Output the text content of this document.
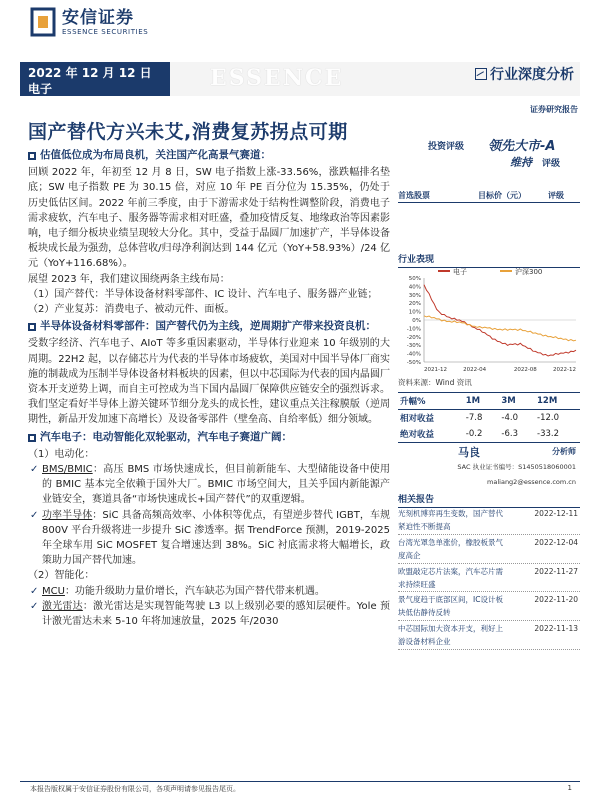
安信证券
ESSENCE SECURITIES
2022 年 12 月 12 日
电子	ESSENCE	行业深度分析
证券研究报告
国产替代方兴未艾,消费复苏拐点可期
估值低位成为布局良机，关注国产化高景气赛道：
回顾 2022 年，年初至 12 月 8 日，SW 电子指数上涨-33.56%，涨跌幅排名垫底；SW 电子指数 PE 为 30.15 倍，对应 10 年 PE 百分位为 15.35%，仍处于历史低估区间。2022 年前三季度，由于下游需求处于结构性调整阶段，消费电子需求疲软，汽车电子、服务器等需求相对旺盛，叠加疫情反复、地缘政治等因素影响，电子细分板块业绩呈现较大分化。其中，受益于晶圆厂加速扩产，半导体设备板块成长最为强劲，总体营收/归母净利润达到 144 亿元（YoY+58.93%）/24 亿元（YoY+116.68%）。
展望 2023 年，我们建议围绕两条主线布局：
（1）国产替代：半导体设备材料零部件、IC 设计、汽车电子、服务器产业链；
（2）产业复苏：消费电子、被动元件、面板。
半导体设备材料零部件：国产替代仍为主线，逆周期扩产带来投资良机：
受数字经济、汽车电子、AIoT 等多重因素驱动，半导体行业迎来 10 年级别的大周期。22H2 起，以存储芯片为代表的半导体市场疲软，美国对中国半导体厂商实施的制裁成为压制半导体设备材料板块的因素，但以中芯国际为代表的国内晶圆厂资本开支逆势上调，而自主可控成为当下国内晶圆厂保障供应链安全的强烈诉求。我们坚定看好半导体上游关键环节细分龙头的成长性，建议重点关注稼膜版（逆周期性，新品开发加速下高增长）及设备零部件（壁垒高、自给率低）细分领域。
汽车电子：电动智能化双轮驱动，汽车电子赛道广阔：
（1）电动化：
✓ BMS/BMIC：高压 BMS 市场快速成长，但目前新能车、大型储能设备中使用的 BMIC 基本完全依赖于国外大厂。BMIC 市场空间大，且关乎国内新能源产业链安全，赛道具备“市场快速成长+国产替代”的双重逻辑。
✓ 功率半导体：SiC 具备高频高效率、小体积等优点，有望逆步替代 IGBT，车规 800V 平台升级将进一步提升 SiC 渗透率。据 TrendForce 预测，2019-2025 年全球车用 SiC MOSFET 复合增速达到 38%。SiC 衬底需求将大幅增长，政策助力国产替代加速。
（2）智能化：
✓ MCU：功能升级助力量价增长，汽车缺芯为国产替代带来机遇。
✓ 激光雷达：激光雷达是实现智能驾驶 L3 以上级别必要的感知层硬件。Yole 预计激光雷达未来 5-10 年将加速放量，2025 年/2030
投资评级 领先大市-A
维持 评级
首选股票	目标价（元）	评级
行业表现
电子	沪深300
50%
40%
30%
20%
10%
0%
-10%
-20%
-30%
-40%
-50%
2021-12	2022-04	2022-08	2022-12
资料来源：Wind 资讯
升幅%	1M	3M	12M
相对收益	-7.8	-4.0	-12.0
绝对收益	-0.2	-6.3	-33.2
马良	分析师
SAC 执业证书编号：S1450518060001
maliang2@essence.com.cn
相关报告
光刻机博弈再生变数，国产替代紧迫性不断提高
2022-12-11
台湾光罩急单涨价，橡胶板景气度高企
2022-12-04
欧盟敲定芯片法案，汽车芯片需求持续旺盛
2022-11-27
景气度趋于底部区间，IC设计板块低估静待反转
2022-11-20
中芯国际加大资本开支，利好上游设备材料企业
2022-11-13
本报告版权属于安信证券股份有限公司，各项声明请参见报告尾页。	1
